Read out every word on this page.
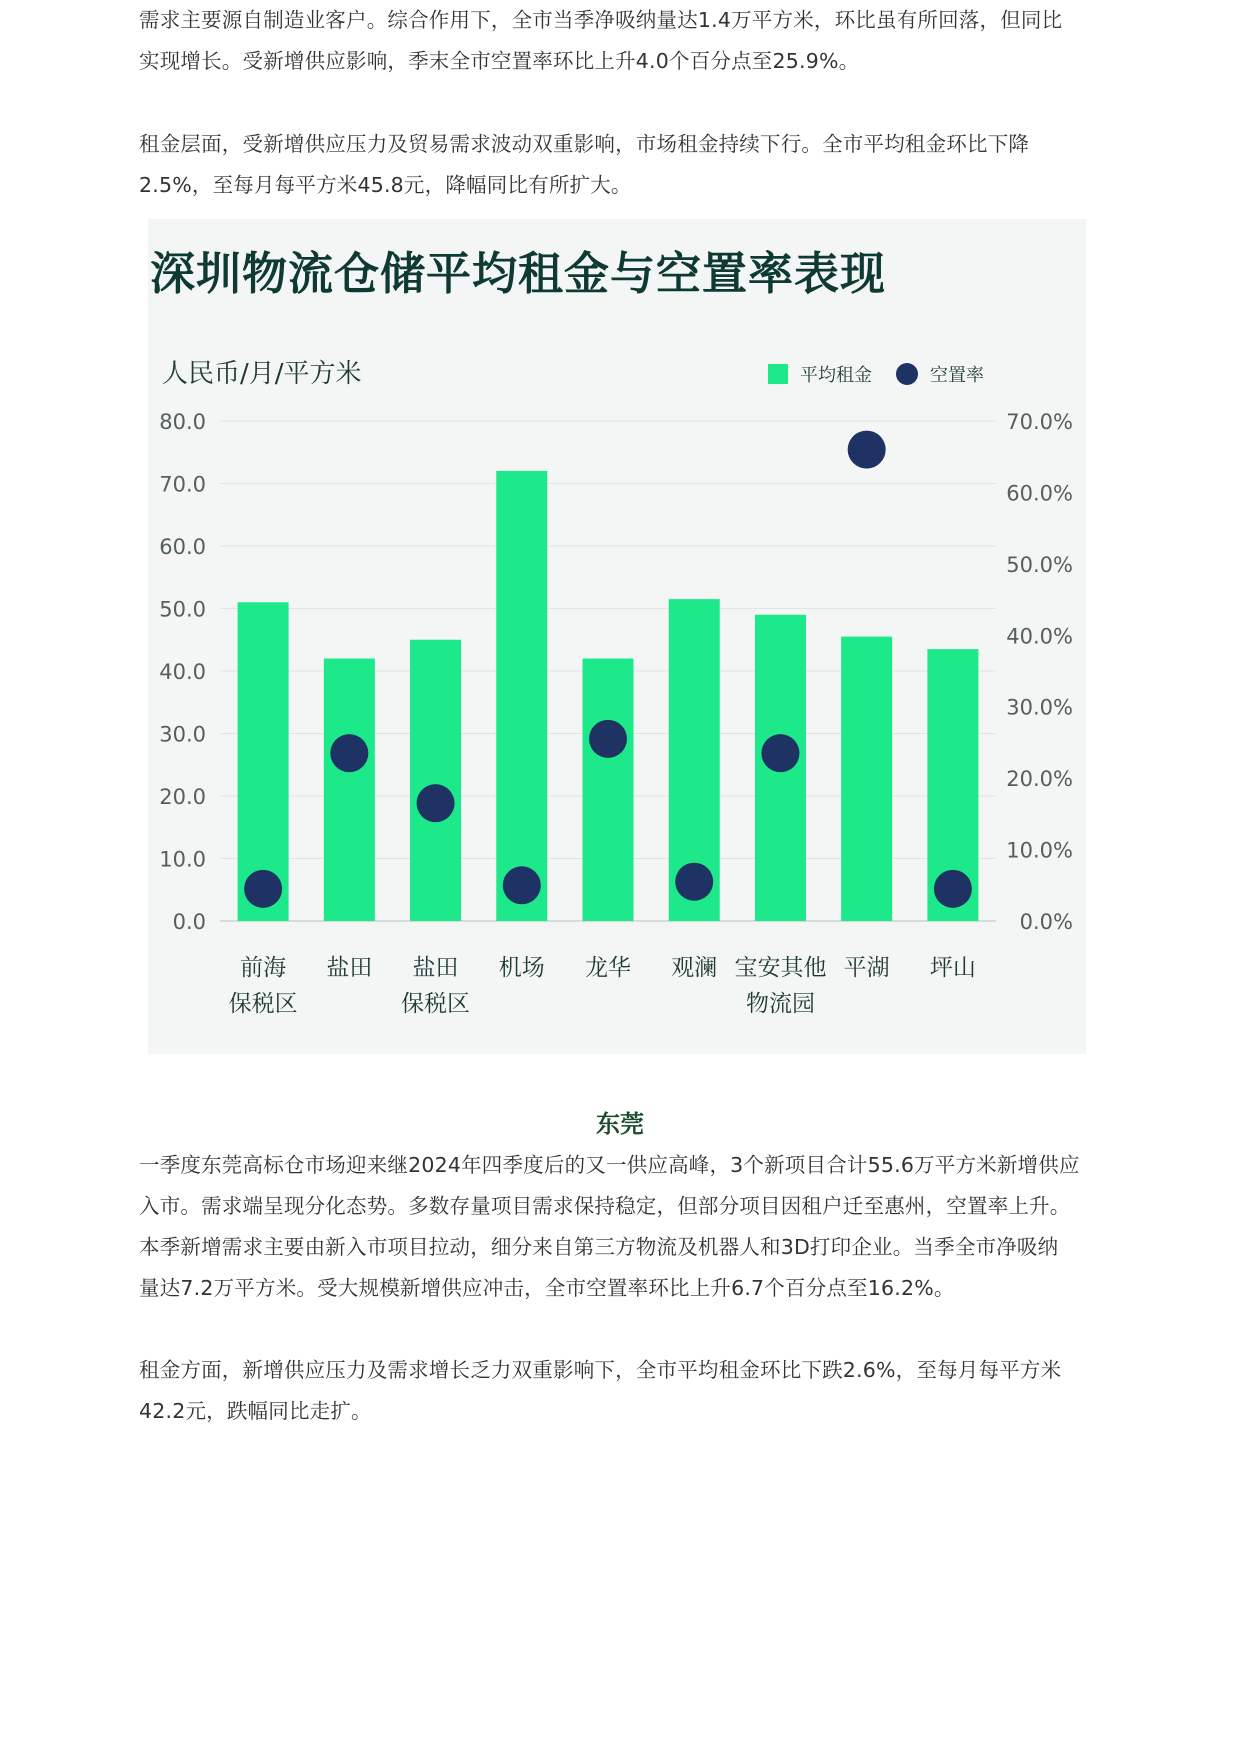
需求主要源自制造业客户。综合作用下，全市当季净吸纳量达1.4万平方米，环比虽有所回落，但同比
实现增长。受新增供应影响，季末全市空置率环比上升4.0个百分点至25.9%。
租金层面，受新增供应压力及贸易需求波动双重影响，市场租金持续下行。全市平均租金环比下降
2.5%，至每月每平方米45.8元，降幅同比有所扩大。
深圳物流仓储平均租金与空置率表现
人民币/月/平方米	平均租金	空置率
0.0
10.0
20.0
30.0
40.0
50.0
60.0
70.0
80.0
0.0%
10.0%
20.0%
30.0%
40.0%
50.0%
60.0%
70.0%
前海
保税区
盐田 盐田
保税区
机场 龙华 观澜 宝安其他
物流园
平湖 坪山
东莞
一季度东莞高标仓市场迎来继2024年四季度后的又一供应高峰，3个新项目合计55.6万平方米新增供应
入市。需求端呈现分化态势。多数存量项目需求保持稳定，但部分项目因租户迁至惠州，空置率上升。
本季新增需求主要由新入市项目拉动，细分来自第三方物流及机器人和3D打印企业。当季全市净吸纳
量达7.2万平方米。受大规模新增供应冲击，全市空置率环比上升6.7个百分点至16.2%。
租金方面，新增供应压力及需求增长乏力双重影响下，全市平均租金环比下跌2.6%，至每月每平方米
42.2元，跌幅同比走扩。
